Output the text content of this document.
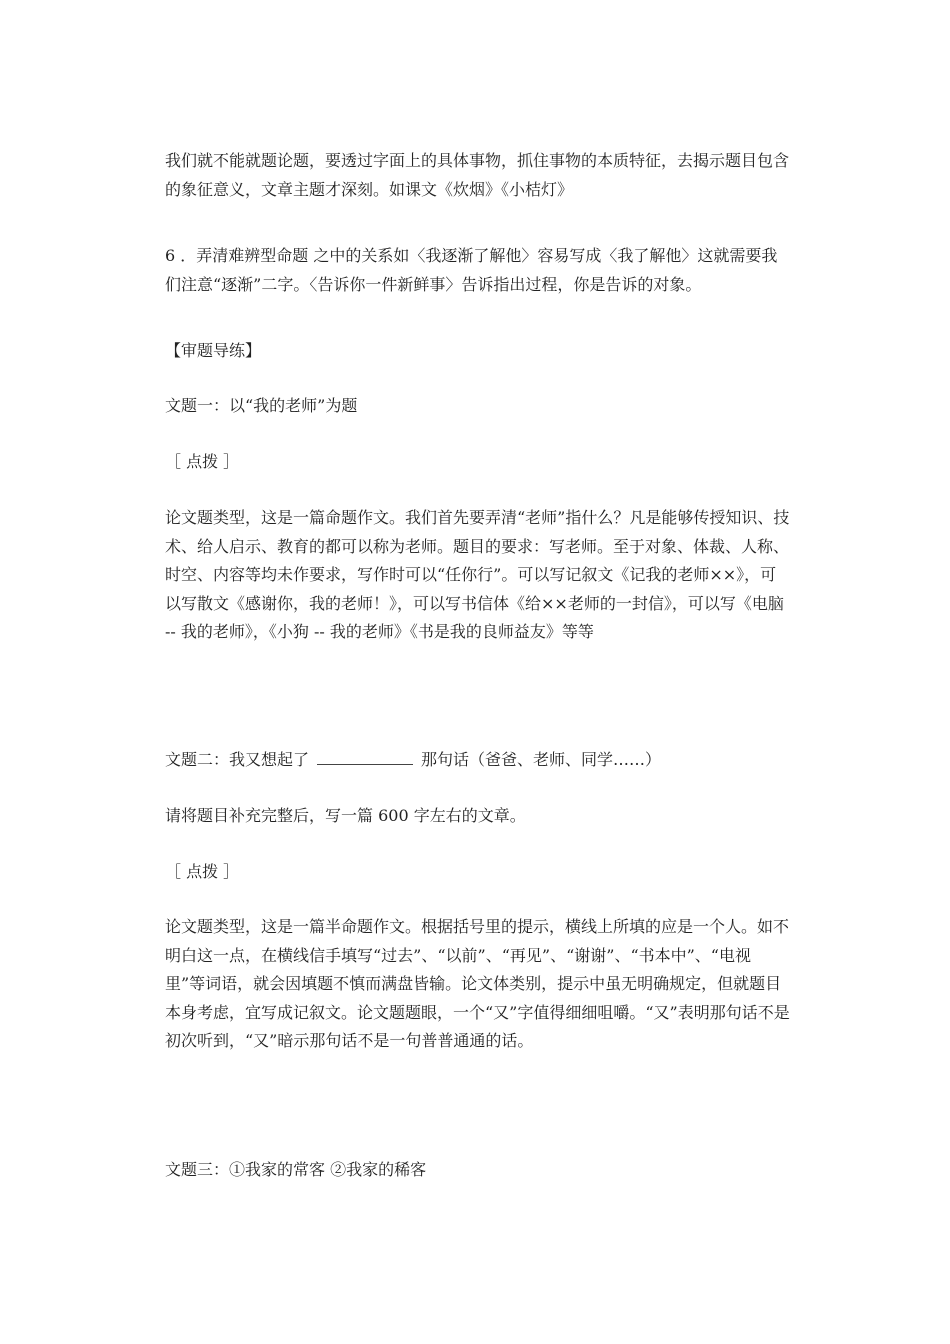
我们就不能就题论题，要透过字面上的具体事物，抓住事物的本质特征，去揭示题目包含的象征意义，文章主题才深刻。如课文《炊烟》《小桔灯》

6 ．弄清难辨型命题 之中的关系如〈我逐渐了解他〉容易写成〈我了解他〉这就需要我们注意“逐渐”二字。〈告诉你一件新鲜事〉告诉指出过程，你是告诉的对象。

【审题导练】

文题一：以“我的老师”为题

［ 点拨 ］

论文题类型，这是一篇命题作文。我们首先要弄清“老师”指什么？凡是能够传授知识、技术、给人启示、教育的都可以称为老师。题目的要求：写老师。至于对象、体裁、人称、时空、内容等均未作要求，写作时可以“任你行”。可以写记叙文《记我的老师××》，可以写散文《感谢你，我的老师！》，可以写书信体《给××老师的一封信》，可以写《电脑 -- 我的老师》，《小狗 -- 我的老师》《书是我的良师益友》等等

文题二：我又想起了	那句话（爸爸、老师、同学……）

请将题目补充完整后，写一篇 600 字左右的文章。

［ 点拨 ］

论文题类型，这是一篇半命题作文。根据括号里的提示，横线上所填的应是一个人。如不明白这一点，在横线信手填写“过去”、“以前”、“再见”、“谢谢”、“书本中”、“电视里”等词语，就会因填题不慎而满盘皆输。论文体类别，提示中虽无明确规定，但就题目本身考虑，宜写成记叙文。论文题题眼，一个“又”字值得细细咀嚼。“又”表明那句话不是初次听到，“又”暗示那句话不是一句普普通通的话。

文题三：①我家的常客 ②我家的稀客
